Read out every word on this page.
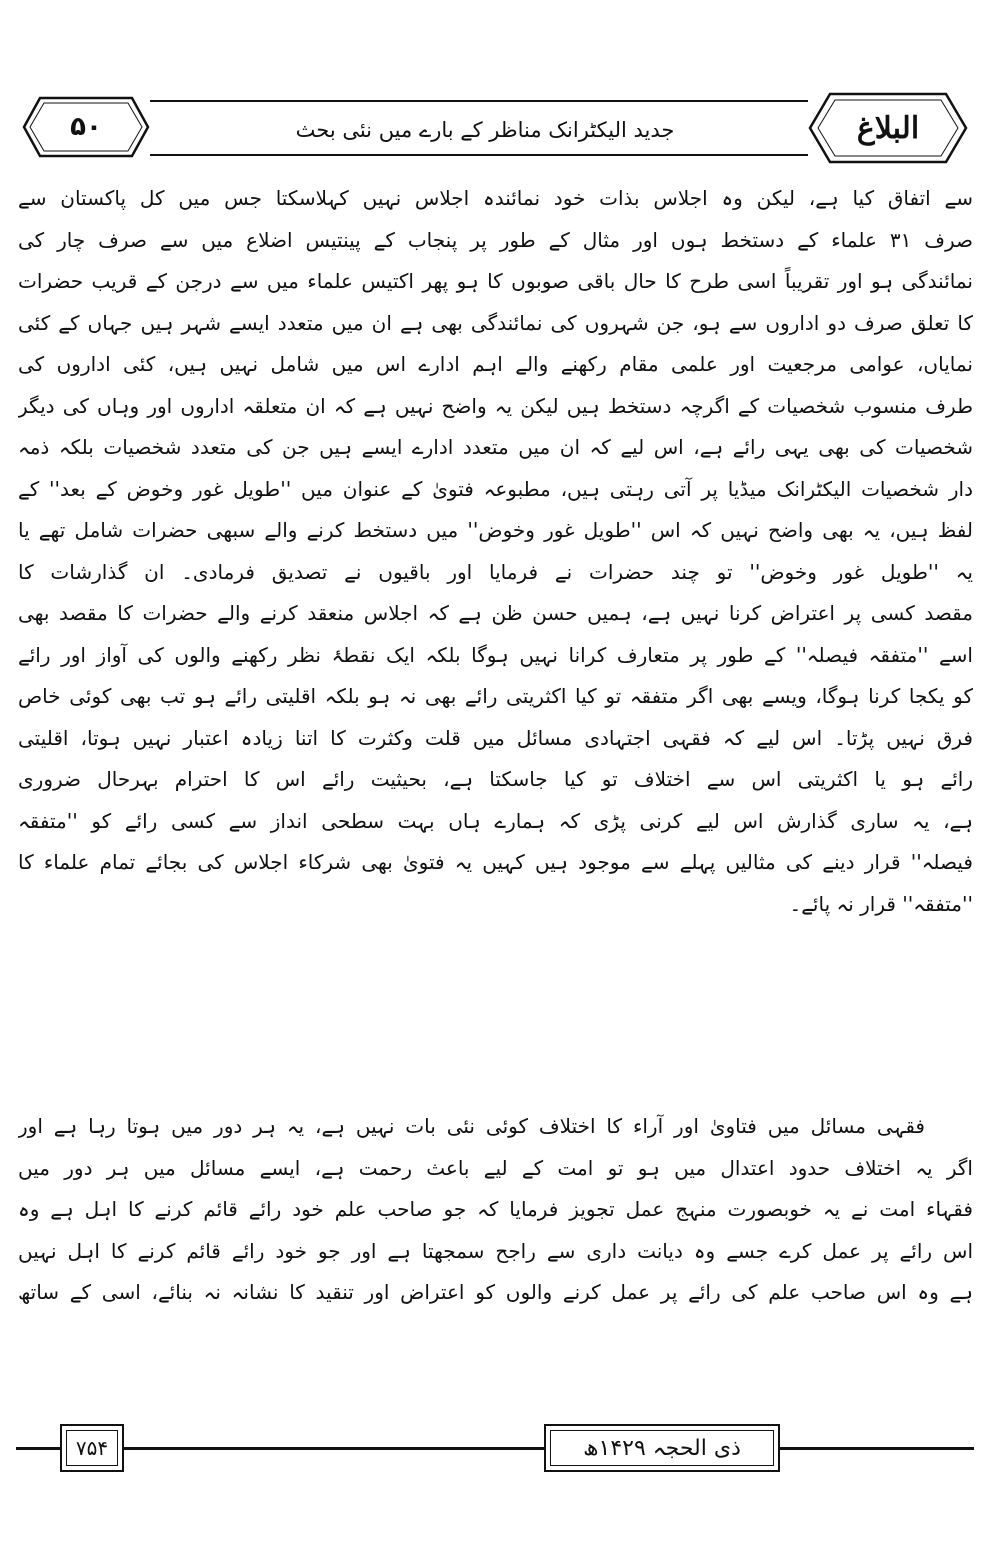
۵۰	جدید الیکٹرانک مناظر کے بارے میں نئی بحث	البلاغ
سے اتفاق کیا ہے، لیکن وہ اجلاس بذات خود نمائندہ اجلاس نہیں کہلاسکتا جس میں کل پاکستان سے
صرف ۳۱ علماء کے دستخط ہوں اور مثال کے طور پر پنجاب کے پینتیس اضلاع میں سے صرف چار کی
نمائندگی ہو اور تقریباً اسی طرح کا حال باقی صوبوں کا ہو پھر اکتیس علماء میں سے درجن کے قریب حضرات
کا تعلق صرف دو اداروں سے ہو، جن شہروں کی نمائندگی بھی ہے ان میں متعدد ایسے شہر ہیں جہاں کے کئی
نمایاں، عوامی مرجعیت اور علمی مقام رکھنے والے اہم ادارے اس میں شامل نہیں ہیں، کئی اداروں کی
طرف منسوب شخصیات کے اگرچہ دستخط ہیں لیکن یہ واضح نہیں ہے کہ ان متعلقہ اداروں اور وہاں کی دیگر
شخصیات کی بھی یہی رائے ہے، اس لیے کہ ان میں متعدد ادارے ایسے ہیں جن کی متعدد شخصیات بلکہ ذمہ
دار شخصیات الیکٹرانک میڈیا پر آتی رہتی ہیں، مطبوعہ فتویٰ کے عنوان میں ''طویل غور وخوض کے بعد'' کے
لفظ ہیں، یہ بھی واضح نہیں کہ اس ''طویل غور وخوض'' میں دستخط کرنے والے سبھی حضرات شامل تھے یا
یہ ''طویل غور وخوض'' تو چند حضرات نے فرمایا اور باقیوں نے تصدیق فرمادی۔ ان گذارشات کا
مقصد کسی پر اعتراض کرنا نہیں ہے، ہمیں حسن ظن ہے کہ اجلاس منعقد کرنے والے حضرات کا مقصد بھی
اسے ''متفقہ فیصلہ'' کے طور پر متعارف کرانا نہیں ہوگا بلکہ ایک نقطۂ نظر رکھنے والوں کی آواز اور رائے
کو یکجا کرنا ہوگا، ویسے بھی اگر متفقہ تو کیا اکثریتی رائے بھی نہ ہو بلکہ اقلیتی رائے ہو تب بھی کوئی خاص
فرق نہیں پڑتا۔ اس لیے کہ فقہی اجتہادی مسائل میں قلت وکثرت کا اتنا زیادہ اعتبار نہیں ہوتا، اقلیتی
رائے ہو یا اکثریتی اس سے اختلاف تو کیا جاسکتا ہے، بحیثیت رائے اس کا احترام بہرحال ضروری
ہے، یہ ساری گذارش اس لیے کرنی پڑی کہ ہمارے ہاں بہت سطحی انداز سے کسی رائے کو ''متفقہ
فیصلہ'' قرار دینے کی مثالیں پہلے سے موجود ہیں کہیں یہ فتویٰ بھی شرکاء اجلاس کی بجائے تمام علماء کا
''متفقہ'' قرار نہ پائے۔
فقہی مسائل میں فتاویٰ اور آراء کا اختلاف کوئی نئی بات نہیں ہے، یہ ہر دور میں ہوتا رہا ہے اور
اگر یہ اختلاف حدود اعتدال میں ہو تو امت کے لیے باعث رحمت ہے، ایسے مسائل میں ہر دور میں
فقہاء امت نے یہ خوبصورت منہج عمل تجویز فرمایا کہ جو صاحب علم خود رائے قائم کرنے کا اہل ہے وہ
اس رائے پر عمل کرے جسے وہ دیانت داری سے راجح سمجھتا ہے اور جو خود رائے قائم کرنے کا اہل نہیں
ہے وہ اس صاحب علم کی رائے پر عمل کرنے والوں کو اعتراض اور تنقید کا نشانہ نہ بنائے، اسی کے ساتھ
۷۵۴	ذی الحجہ ۱۴۲۹ھ
